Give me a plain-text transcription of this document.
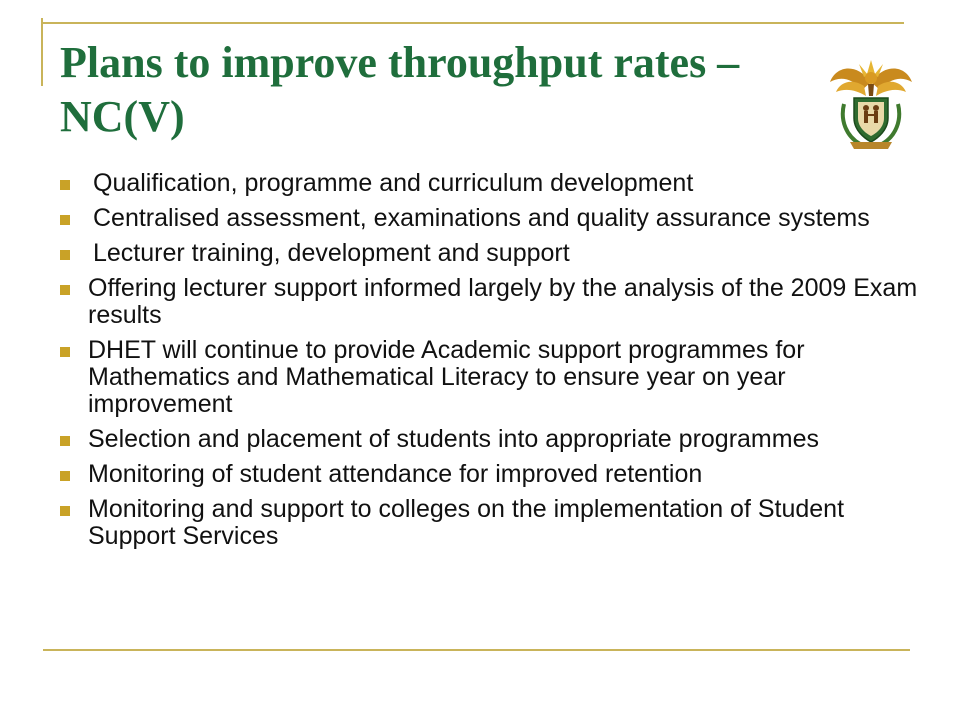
Plans to improve throughput rates – NC(V)
Qualification, programme and curriculum development
Centralised assessment, examinations and quality assurance systems
Lecturer training, development and support
Offering lecturer support informed largely by the analysis of the 2009 Exam results
DHET will continue to provide Academic support programmes for Mathematics and Mathematical Literacy to ensure year on year improvement
Selection and placement of students into appropriate programmes
Monitoring of student attendance for improved retention
Monitoring and support to colleges on the implementation of Student Support Services
